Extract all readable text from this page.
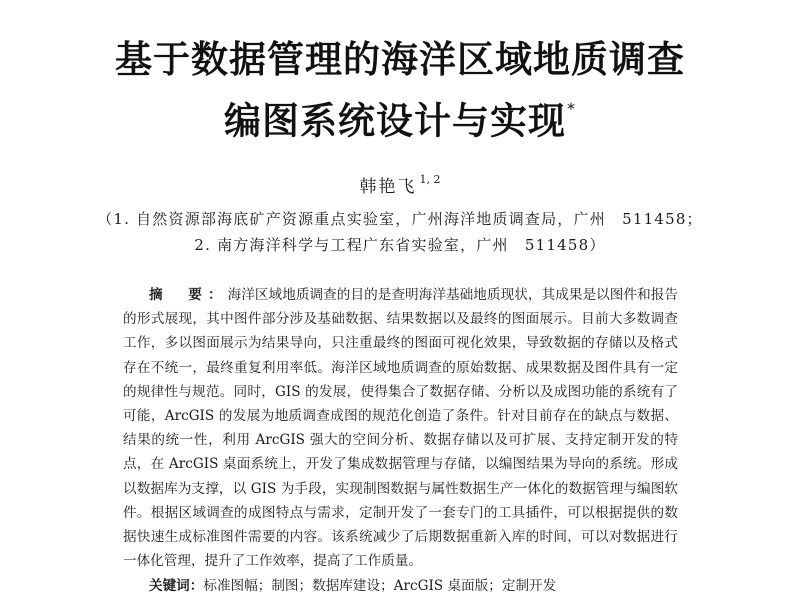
基于数据管理的海洋区域地质调查
编图系统设计与实现*
韩艳飞 $^{1, 2}$
（1. 自然资源部海底矿产资源重点实验室，广州海洋地质调查局，广州　511458；
2. 南方海洋科学与工程广东省实验室，广州　511458）

摘　要：海洋区域地质调查的目的是查明海洋基础地质现状，其成果是以图件和报告的形式展现，其中图件部分涉及基础数据、结果数据以及最终的图面展示。目前大多数调查工作，多以图面展示为结果导向，只注重最终的图面可视化效果，导致数据的存储以及格式存在不统一，最终重复利用率低。海洋区域地质调查的原始数据、成果数据及图件具有一定的规律性与规范。同时，GIS 的发展，使得集合了数据存储、分析以及成图功能的系统有了可能，ArcGIS 的发展为地质调查成图的规范化创造了条件。针对目前存在的缺点与数据、结果的统一性，利用 ArcGIS 强大的空间分析、数据存储以及可扩展、支持定制开发的特点，在 ArcGIS 桌面系统上，开发了集成数据管理与存储，以编图结果为导向的系统。形成以数据库为支撑，以 GIS 为手段，实现制图数据与属性数据生产一体化的数据管理与编图软件。根据区域调查的成图特点与需求，定制开发了一套专门的工具插件，可以根据提供的数据快速生成标准图件需要的内容。该系统减少了后期数据重新入库的时间，可以对数据进行一体化管理，提升了工作效率，提高了工作质量。

关键词：标准图幅；制图；数据库建设；ArcGIS 桌面版；定制开发
